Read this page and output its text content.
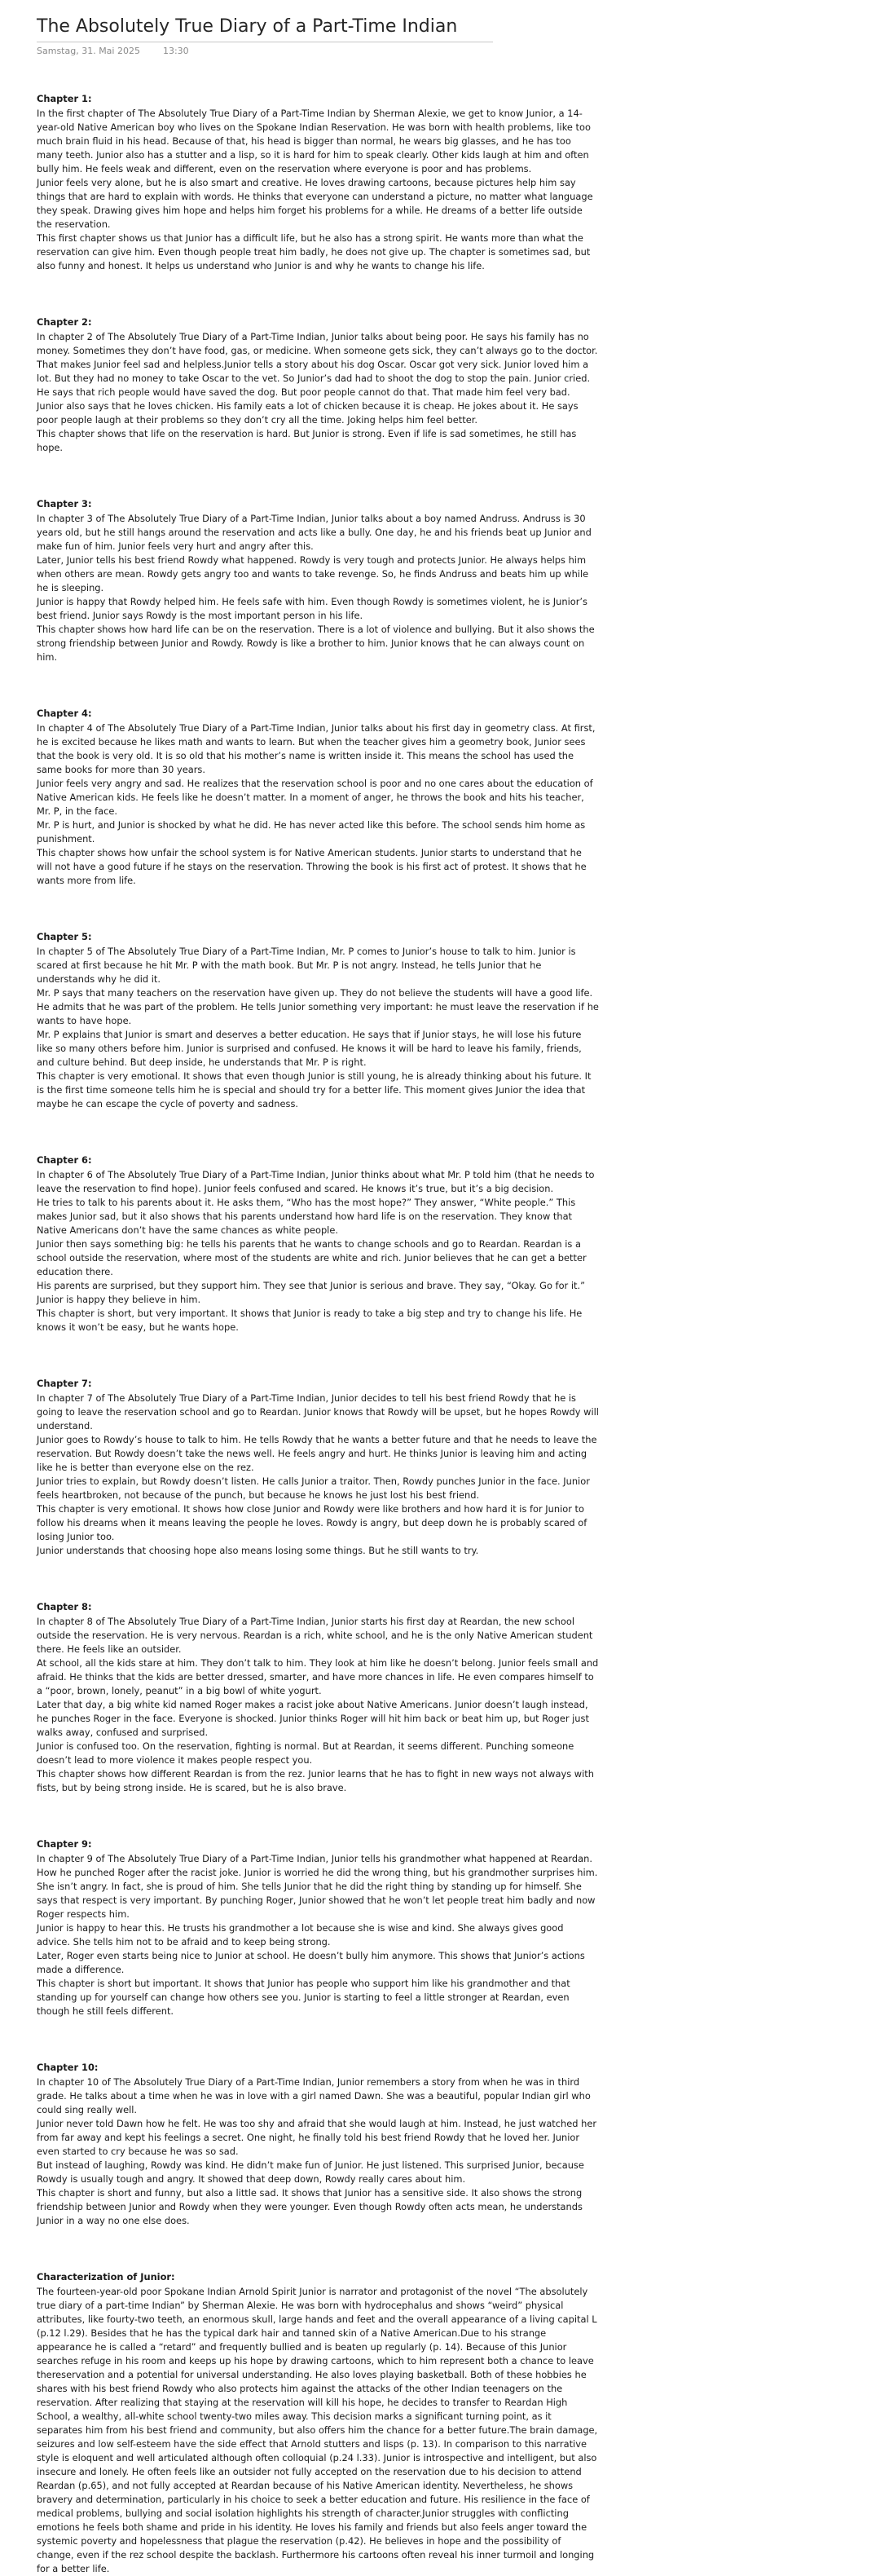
The Absolutely True Diary of a Part-Time Indian
Samstag, 31. Mai 2025	13:30
Chapter 1:

In the first chapter of The Absolutely True Diary of a Part-Time Indian by Sherman Alexie, we get to know Junior, a 14-year-old Native American boy who lives on the Spokane Indian Reservation. He was born with health problems, like too much brain fluid in his head. Because of that, his head is bigger than normal, he wears big glasses, and he has too many teeth. Junior also has a stutter and a lisp, so it is hard for him to speak clearly. Other kids laugh at him and often bully him. He feels weak and different, even on the reservation where everyone is poor and has problems.

Junior feels very alone, but he is also smart and creative. He loves drawing cartoons, because pictures help him say things that are hard to explain with words. He thinks that everyone can understand a picture, no matter what language they speak. Drawing gives him hope and helps him forget his problems for a while. He dreams of a better life outside the reservation.

This first chapter shows us that Junior has a difficult life, but he also has a strong spirit. He wants more than what the reservation can give him. Even though people treat him badly, he does not give up. The chapter is sometimes sad, but also funny and honest. It helps us understand who Junior is and why he wants to change his life.

Chapter 2:

In chapter 2 of The Absolutely True Diary of a Part-Time Indian, Junior talks about being poor. He says his family has no money. Sometimes they don’t have food, gas, or medicine. When someone gets sick, they can’t always go to the doctor. That makes Junior feel sad and helpless.Junior tells a story about his dog Oscar. Oscar got very sick. Junior loved him a lot. But they had no money to take Oscar to the vet. So Junior’s dad had to shoot the dog to stop the pain. Junior cried. He says that rich people would have saved the dog. But poor people cannot do that. That made him feel very bad.

Junior also says that he loves chicken. His family eats a lot of chicken because it is cheap. He jokes about it. He says poor people laugh at their problems so they don’t cry all the time. Joking helps him feel better.

This chapter shows that life on the reservation is hard. But Junior is strong. Even if life is sad sometimes, he still has hope.

Chapter 3:

In chapter 3 of The Absolutely True Diary of a Part-Time Indian, Junior talks about a boy named Andruss. Andruss is 30 years old, but he still hangs around the reservation and acts like a bully. One day, he and his friends beat up Junior and make fun of him. Junior feels very hurt and angry after this.

Later, Junior tells his best friend Rowdy what happened. Rowdy is very tough and protects Junior. He always helps him when others are mean. Rowdy gets angry too and wants to take revenge. So, he finds Andruss and beats him up while he is sleeping.

Junior is happy that Rowdy helped him. He feels safe with him. Even though Rowdy is sometimes violent, he is Junior’s best friend. Junior says Rowdy is the most important person in his life.

This chapter shows how hard life can be on the reservation. There is a lot of violence and bullying. But it also shows the strong friendship between Junior and Rowdy. Rowdy is like a brother to him. Junior knows that he can always count on him.

Chapter 4:

In chapter 4 of The Absolutely True Diary of a Part-Time Indian, Junior talks about his first day in geometry class. At first, he is excited because he likes math and wants to learn. But when the teacher gives him a geometry book, Junior sees that the book is very old. It is so old that his mother’s name is written inside it. This means the school has used the same books for more than 30 years.

Junior feels very angry and sad. He realizes that the reservation school is poor and no one cares about the education of Native American kids. He feels like he doesn’t matter. In a moment of anger, he throws the book and hits his teacher, Mr. P, in the face.

Mr. P is hurt, and Junior is shocked by what he did. He has never acted like this before. The school sends him home as punishment.

This chapter shows how unfair the school system is for Native American students. Junior starts to understand that he will not have a good future if he stays on the reservation. Throwing the book is his first act of protest. It shows that he wants more from life.

Chapter 5:

In chapter 5 of The Absolutely True Diary of a Part-Time Indian, Mr. P comes to Junior’s house to talk to him. Junior is scared at first because he hit Mr. P with the math book. But Mr. P is not angry. Instead, he tells Junior that he understands why he did it.

Mr. P says that many teachers on the reservation have given up. They do not believe the students will have a good life. He admits that he was part of the problem. He tells Junior something very important: he must leave the reservation if he wants to have hope.

Mr. P explains that Junior is smart and deserves a better education. He says that if Junior stays, he will lose his future like so many others before him. Junior is surprised and confused. He knows it will be hard to leave his family, friends, and culture behind. But deep inside, he understands that Mr. P is right.

This chapter is very emotional. It shows that even though Junior is still young, he is already thinking about his future. It is the first time someone tells him he is special and should try for a better life. This moment gives Junior the idea that maybe he can escape the cycle of poverty and sadness.

Chapter 6:

In chapter 6 of The Absolutely True Diary of a Part-Time Indian, Junior thinks about what Mr. P told him (that he needs to leave the reservation to find hope). Junior feels confused and scared. He knows it’s true, but it’s a big decision.

He tries to talk to his parents about it. He asks them, “Who has the most hope?” They answer, “White people.” This makes Junior sad, but it also shows that his parents understand how hard life is on the reservation. They know that Native Americans don’t have the same chances as white people.

Junior then says something big: he tells his parents that he wants to change schools and go to Reardan. Reardan is a school outside the reservation, where most of the students are white and rich. Junior believes that he can get a better education there.

His parents are surprised, but they support him. They see that Junior is serious and brave. They say, “Okay. Go for it.” Junior is happy they believe in him.

This chapter is short, but very important. It shows that Junior is ready to take a big step and try to change his life. He knows it won’t be easy, but he wants hope.

Chapter 7:

In chapter 7 of The Absolutely True Diary of a Part-Time Indian, Junior decides to tell his best friend Rowdy that he is going to leave the reservation school and go to Reardan. Junior knows that Rowdy will be upset, but he hopes Rowdy will understand.

Junior goes to Rowdy’s house to talk to him. He tells Rowdy that he wants a better future and that he needs to leave the reservation. But Rowdy doesn’t take the news well. He feels angry and hurt. He thinks Junior is leaving him and acting like he is better than everyone else on the rez.

Junior tries to explain, but Rowdy doesn’t listen. He calls Junior a traitor. Then, Rowdy punches Junior in the face. Junior feels heartbroken, not because of the punch, but because he knows he just lost his best friend.

This chapter is very emotional. It shows how close Junior and Rowdy were like brothers and how hard it is for Junior to follow his dreams when it means leaving the people he loves. Rowdy is angry, but deep down he is probably scared of losing Junior too.

Junior understands that choosing hope also means losing some things. But he still wants to try.

Chapter 8:

In chapter 8 of The Absolutely True Diary of a Part-Time Indian, Junior starts his first day at Reardan, the new school outside the reservation. He is very nervous. Reardan is a rich, white school, and he is the only Native American student there. He feels like an outsider.

At school, all the kids stare at him. They don’t talk to him. They look at him like he doesn’t belong. Junior feels small and afraid. He thinks that the kids are better dressed, smarter, and have more chances in life. He even compares himself to a “poor, brown, lonely, peanut” in a big bowl of white yogurt.

Later that day, a big white kid named Roger makes a racist joke about Native Americans. Junior doesn’t laugh instead, he punches Roger in the face. Everyone is shocked. Junior thinks Roger will hit him back or beat him up, but Roger just walks away, confused and surprised.

Junior is confused too. On the reservation, fighting is normal. But at Reardan, it seems different. Punching someone doesn’t lead to more violence it makes people respect you.

This chapter shows how different Reardan is from the rez. Junior learns that he has to fight in new ways not always with fists, but by being strong inside. He is scared, but he is also brave.

Chapter 9:

In chapter 9 of The Absolutely True Diary of a Part-Time Indian, Junior tells his grandmother what happened at Reardan. How he punched Roger after the racist joke. Junior is worried he did the wrong thing, but his grandmother surprises him.

She isn’t angry. In fact, she is proud of him. She tells Junior that he did the right thing by standing up for himself. She says that respect is very important. By punching Roger, Junior showed that he won’t let people treat him badly and now Roger respects him.

Junior is happy to hear this. He trusts his grandmother a lot because she is wise and kind. She always gives good advice. She tells him not to be afraid and to keep being strong.

Later, Roger even starts being nice to Junior at school. He doesn’t bully him anymore. This shows that Junior’s actions made a difference.

This chapter is short but important. It shows that Junior has people who support him like his grandmother and that standing up for yourself can change how others see you. Junior is starting to feel a little stronger at Reardan, even though he still feels different.

Chapter 10:

In chapter 10 of The Absolutely True Diary of a Part-Time Indian, Junior remembers a story from when he was in third grade. He talks about a time when he was in love with a girl named Dawn. She was a beautiful, popular Indian girl who could sing really well.

Junior never told Dawn how he felt. He was too shy and afraid that she would laugh at him. Instead, he just watched her from far away and kept his feelings a secret. One night, he finally told his best friend Rowdy that he loved her. Junior even started to cry because he was so sad.

But instead of laughing, Rowdy was kind. He didn’t make fun of Junior. He just listened. This surprised Junior, because Rowdy is usually tough and angry. It showed that deep down, Rowdy really cares about him.

This chapter is short and funny, but also a little sad. It shows that Junior has a sensitive side. It also shows the strong friendship between Junior and Rowdy when they were younger. Even though Rowdy often acts mean, he understands Junior in a way no one else does.

Characterization of Junior:

The fourteen-year-old poor Spokane Indian Arnold Spirit Junior is narrator and protagonist of the novel “The absolutely true diary of a part-time Indian” by Sherman Alexie. He was born with hydrocephalus and shows “weird” physical attributes, like fourty-two teeth, an enormous skull, large hands and feet and the overall appearance of a living capital L (p.12 l.29). Besides that he has the typical dark hair and tanned skin of a Native American.Due to his strange appearance he is called a “retard” and frequently bullied and is beaten up regularly (p. 14). Because of this Junior searches refuge in his room and keeps up his hope by drawing cartoons, which to him represent both a chance to leave thereservation and a potential for universal understanding. He also loves playing basketball. Both of these hobbies he shares with his best friend Rowdy who also protects him against the attacks of the other Indian teenagers on the reservation. After realizing that staying at the reservation will kill his hope, he decides to transfer to Reardan High School, a wealthy, all-white school twenty-two miles away. This decision marks a significant turning point, as it separates him from his best friend and community, but also offers him the chance for a better future.The brain damage, seizures and low self-esteem have the side effect that Arnold stutters and lisps (p. 13). In comparison to this narrative style is eloquent and well articulated although often colloquial (p.24 l.33). Junior is introspective and intelligent, but also insecure and lonely. He often feels like an outsider not fully accepted on the reservation due to his decision to attend Reardan (p.65), and not fully accepted at Reardan because of his Native American identity. Nevertheless, he shows bravery and determination, particularly in his choice to seek a better education and future. His resilience in the face of medical problems, bullying and social isolation highlights his strength of character.Junior struggles with conflicting emotions he feels both shame and pride in his identity. He loves his family and friends but also feels anger toward the systemic poverty and hopelessness that plague the reservation (p.42). He believes in hope and the possibility of change, even if the rez school despite the backlash. Furthermore his cartoons often reveal his inner turmoil and longing for a better life.
